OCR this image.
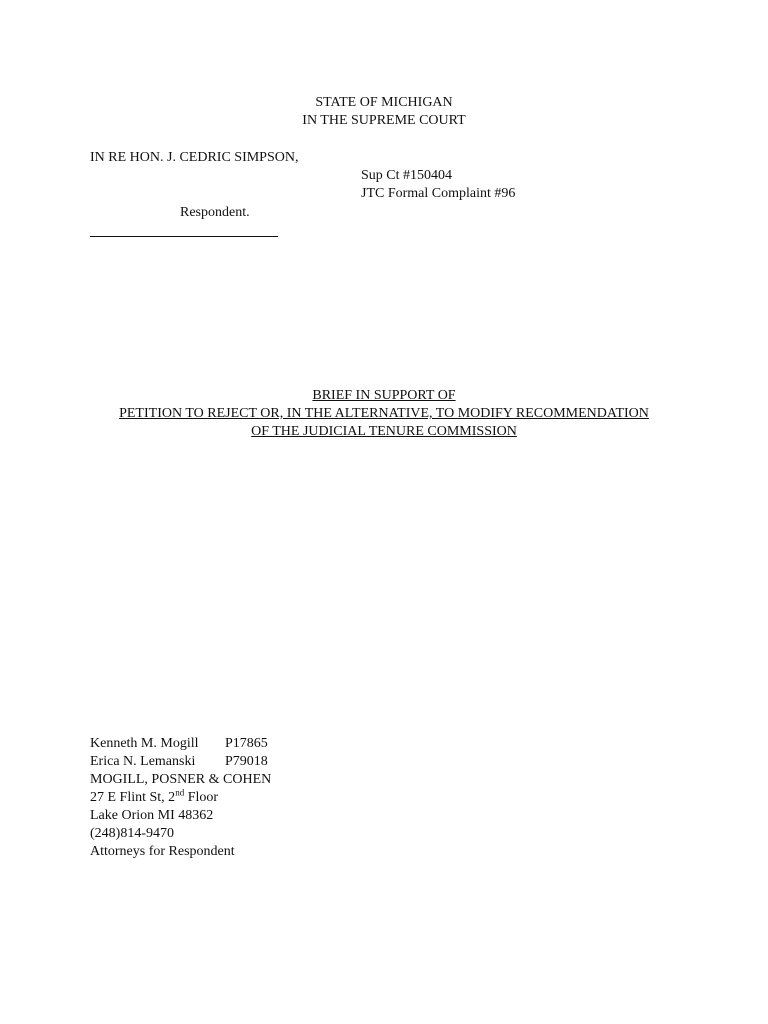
STATE OF MICHIGAN
IN THE SUPREME COURT
IN RE HON. J. CEDRIC SIMPSON,
Sup Ct #150404
JTC Formal Complaint #96
Respondent.
BRIEF IN SUPPORT OF
PETITION TO REJECT OR, IN THE ALTERNATIVE, TO MODIFY RECOMMENDATION
OF THE JUDICIAL TENURE COMMISSION
Kenneth M. Mogill P17865
Erica N. Lemanski P79018
MOGILL, POSNER & COHEN
27 E Flint St, 2nd Floor
Lake Orion MI 48362
(248)814-9470
Attorneys for Respondent
